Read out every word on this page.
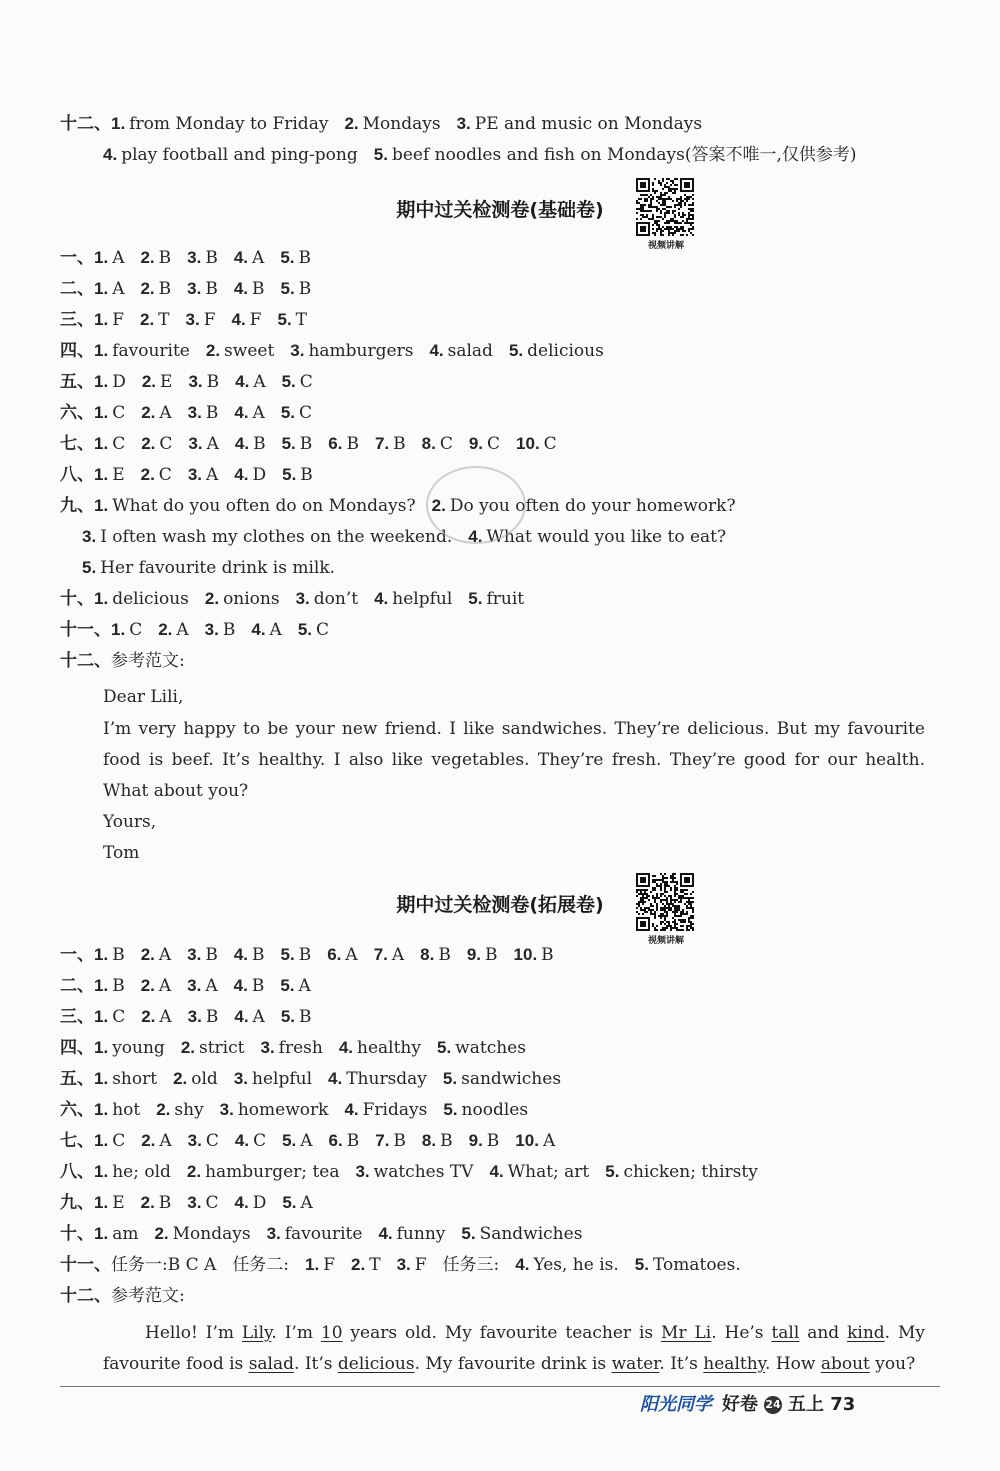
十二、1. from Monday to Friday 2. Mondays 3. PE and music on Mondays
4. play football and ping-pong 5. beef noodles and fish on Mondays(答案不唯一,仅供参考)
期中过关检测卷(基础卷)
视频讲解
一、1. A 2. B 3. B 4. A 5. B
二、1. A 2. B 3. B 4. B 5. B
三、1. F 2. T 3. F 4. F 5. T
四、1. favourite 2. sweet 3. hamburgers 4. salad 5. delicious
五、1. D 2. E 3. B 4. A 5. C
六、1. C 2. A 3. B 4. A 5. C
七、1. C 2. C 3. A 4. B 5. B 6. B 7. B 8. C 9. C 10. C
八、1. E 2. C 3. A 4. D 5. B
九、1. What do you often do on Mondays? 2. Do you often do your homework?
3. I often wash my clothes on the weekend. 4. What would you like to eat?
5. Her favourite drink is milk.
十、1. delicious 2. onions 3. don’t 4. helpful 5. fruit
十一、1. C 2. A 3. B 4. A 5. C
十二、参考范文:
Dear Lili,
I’m very happy to be your new friend. I like sandwiches. They’re delicious. But my favourite food is beef. It’s healthy. I also like vegetables. They’re fresh. They’re good for our health. What about you?
Yours,
Tom
期中过关检测卷(拓展卷)
视频讲解
一、1. B 2. A 3. B 4. B 5. B 6. A 7. A 8. B 9. B 10. B
二、1. B 2. A 3. A 4. B 5. A
三、1. C 2. A 3. B 4. A 5. B
四、1. young 2. strict 3. fresh 4. healthy 5. watches
五、1. short 2. old 3. helpful 4. Thursday 5. sandwiches
六、1. hot 2. shy 3. homework 4. Fridays 5. noodles
七、1. C 2. A 3. C 4. C 5. A 6. B 7. B 8. B 9. B 10. A
八、1. he; old 2. hamburger; tea 3. watches TV 4. What; art 5. chicken; thirsty
九、1. E 2. B 3. C 4. D 5. A
十、1. am 2. Mondays 3. favourite 4. funny 5. Sandwiches
十一、任务一:B C A 任务二: 1. F 2. T 3. F 任务三: 4. Yes, he is. 5. Tomatoes.
十二、参考范文:
Hello! I’m Lily. I’m 10 years old. My favourite teacher is Mr Li. He’s tall and kind. My favourite food is salad. It’s delicious. My favourite drink is water. It’s healthy. How about you?
阳光同学 好卷 24 五上 73
